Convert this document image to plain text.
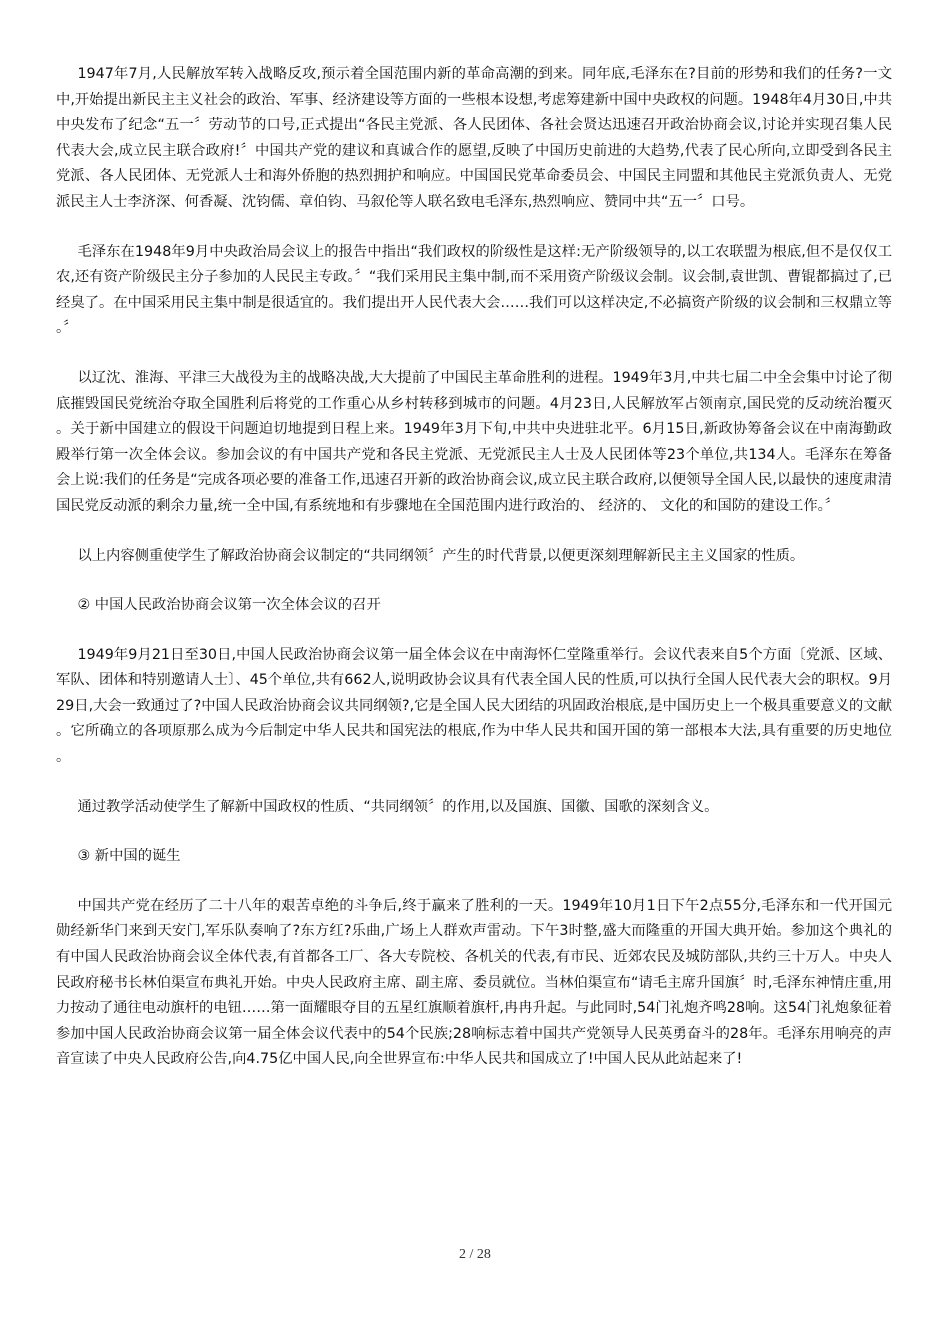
1947年7月,人民解放军转入战略反攻,预示着全国范围内新的革命高潮的到来。同年底,毛泽东在?目前的形势和我们的任务?一文中,开始提出新民主主义社会的政治、军事、经济建设等方面的一些根本设想,考虑筹建新中国中央政权的问题。1948年4月30日,中共中央发布了纪念“五一〞劳动节的口号,正式提出“各民主党派、各人民团体、各社会贤达迅速召开政治协商会议,讨论并实现召集人民代表大会,成立民主联合政府!〞中国共产党的建议和真诚合作的愿望,反映了中国历史前进的大趋势,代表了民心所向,立即受到各民主党派、各人民团体、无党派人士和海外侨胞的热烈拥护和响应。中国国民党革命委员会、中国民主同盟和其他民主党派负责人、无党派民主人士李济深、何香凝、沈钧儒、章伯钧、马叙伦等人联名致电毛泽东,热烈响应、赞同中共“五一〞口号。

毛泽东在1948年9月中央政治局会议上的报告中指出“我们政权的阶级性是这样:无产阶级领导的,以工农联盟为根底,但不是仅仅工农,还有资产阶级民主分子参加的人民民主专政。〞“我们采用民主集中制,而不采用资产阶级议会制。议会制,袁世凯、曹锟都搞过了,已经臭了。在中国采用民主集中制是很适宜的。我们提出开人民代表大会……我们可以这样决定,不必搞资产阶级的议会制和三权鼎立等。〞

以辽沈、淮海、平津三大战役为主的战略决战,大大提前了中国民主革命胜利的进程。1949年3月,中共七届二中全会集中讨论了彻底摧毁国民党统治夺取全国胜利后将党的工作重心从乡村转移到城市的问题。4月23日,人民解放军占领南京,国民党的反动统治覆灭。关于新中国建立的假设干问题迫切地提到日程上来。1949年3月下旬,中共中央进驻北平。6月15日,新政协筹备会议在中南海勤政殿举行第一次全体会议。参加会议的有中国共产党和各民主党派、无党派民主人士及人民团体等23个单位,共134人。毛泽东在筹备会上说:我们的任务是“完成各项必要的准备工作,迅速召开新的政治协商会议,成立民主联合政府,以便领导全国人民,以最快的速度肃清国民党反动派的剩余力量,统一全中国,有系统地和有步骤地在全国范围内进行政治的、 经济的、 文化的和国防的建设工作。〞

以上内容侧重使学生了解政治协商会议制定的“共同纲领〞产生的时代背景,以便更深刻理解新民主主义国家的性质。

② 中国人民政治协商会议第一次全体会议的召开

1949年9月21日至30日,中国人民政治协商会议第一届全体会议在中南海怀仁堂隆重举行。会议代表来自5个方面〔党派、区域、军队、团体和特别邀请人士〕、45个单位,共有662人,说明政协会议具有代表全国人民的性质,可以执行全国人民代表大会的职权。9月29日,大会一致通过了?中国人民政治协商会议共同纲领?,它是全国人民大团结的巩固政治根底,是中国历史上一个极具重要意义的文献。它所确立的各项原那么成为今后制定中华人民共和国宪法的根底,作为中华人民共和国开国的第一部根本大法,具有重要的历史地位。

通过教学活动使学生了解新中国政权的性质、“共同纲领〞的作用,以及国旗、国徽、国歌的深刻含义。

③ 新中国的诞生

中国共产党在经历了二十八年的艰苦卓绝的斗争后,终于赢来了胜利的一天。1949年10月1日下午2点55分,毛泽东和一代开国元勋经新华门来到天安门,军乐队奏响了?东方红?乐曲,广场上人群欢声雷动。下午3时整,盛大而隆重的开国大典开始。参加这个典礼的有中国人民政治协商会议全体代表,有首都各工厂、各大专院校、各机关的代表,有市民、近郊农民及城防部队,共约三十万人。中央人民政府秘书长林伯渠宣布典礼开始。中央人民政府主席、副主席、委员就位。当林伯渠宣布“请毛主席升国旗〞时,毛泽东神情庄重,用力按动了通往电动旗杆的电钮……第一面耀眼夺目的五星红旗顺着旗杆,冉冉升起。与此同时,54门礼炮齐鸣28响。这54门礼炮象征着参加中国人民政治协商会议第一届全体会议代表中的54个民族;28响标志着中国共产党领导人民英勇奋斗的28年。毛泽东用响亮的声音宣读了中央人民政府公告,向4.75亿中国人民,向全世界宣布:中华人民共和国成立了!中国人民从此站起来了!

2 / 28
